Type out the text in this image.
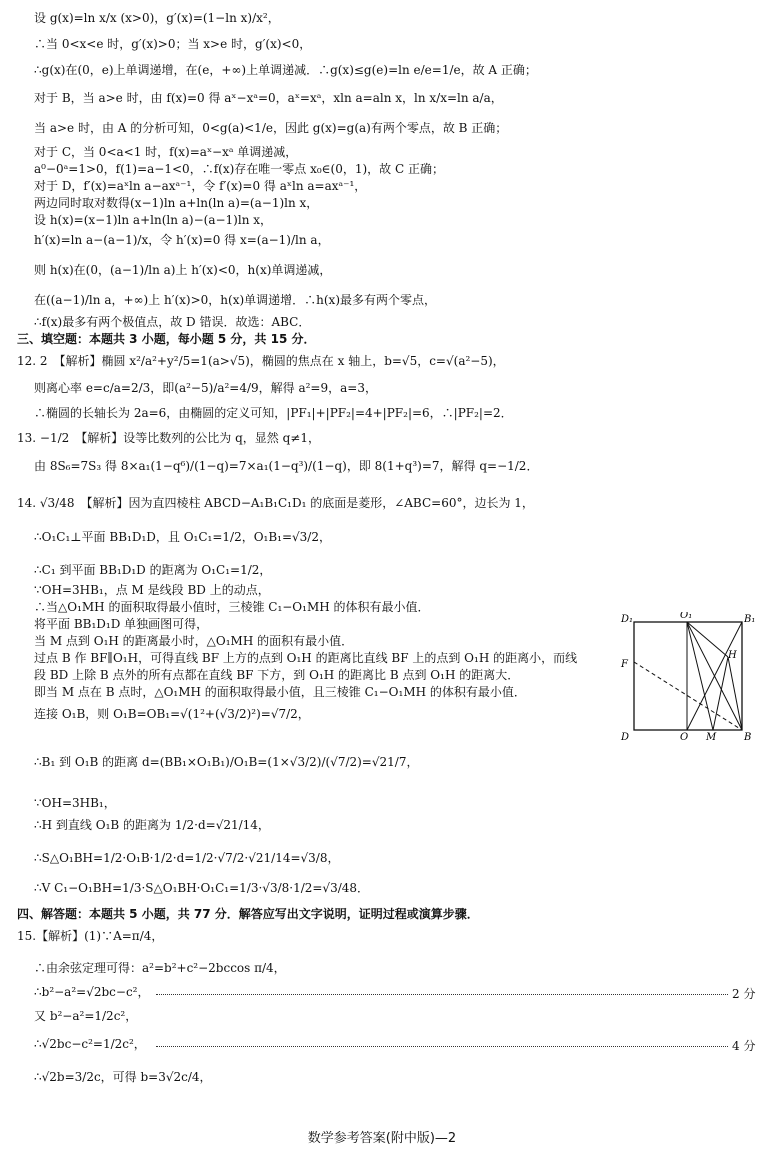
设 g(x)=ln x/x (x>0)，g′(x)=(1−ln x)/x²，
∴当 0<x<e 时，g′(x)>0；当 x>e 时，g′(x)<0，
∴g(x)在(0，e)上单调递增，在(e，+∞)上单调递减．∴g(x)≤g(e)=ln e/e=1/e，故 A 正确；
对于 B，当 a>e 时，由 f(x)=0 得 aˣ−xᵃ=0，aˣ=xᵃ，xln a=aln x，ln x/x=ln a/a，
当 a>e 时，由 A 的分析可知，0<g(a)<1/e，因此 g(x)=g(a)有两个零点，故 B 正确；
对于 C，当 0<a<1 时，f(x)=aˣ−xᵃ 单调递减，
a⁰−0ᵃ=1>0，f(1)=a−1<0，∴f(x)存在唯一零点 x₀∈(0，1)，故 C 正确；
对于 D，f′(x)=aˣln a−axᵃ⁻¹，令 f′(x)=0 得 aˣln a=axᵃ⁻¹，
两边同时取对数得(x−1)ln a+ln(ln a)=(a−1)ln x，
设 h(x)=(x−1)ln a+ln(ln a)−(a−1)ln x，
h′(x)=ln a−(a−1)/x，令 h′(x)=0 得 x=(a−1)/ln a，
则 h(x)在(0，(a−1)/ln a)上 h′(x)<0，h(x)单调递减，
在((a−1)/ln a，+∞)上 h′(x)>0，h(x)单调递增．∴h(x)最多有两个零点，
∴f(x)最多有两个极值点，故 D 错误．故选：ABC．
三、填空题：本题共 3 小题，每小题 5 分，共 15 分．
12. 2　【解析】椭圆 x²/a²+y²/5=1(a>√5)，椭圆的焦点在 x 轴上，b=√5，c=√(a²−5)，
则离心率 e=c/a=2/3，即(a²−5)/a²=4/9，解得 a²=9，a=3，
∴椭圆的长轴长为 2a=6，由椭圆的定义可知，|PF₁|+|PF₂|=4+|PF₂|=6，∴|PF₂|=2．
13. −1/2　【解析】设等比数列的公比为 q，显然 q≠1，
由 8S₆=7S₃ 得 8×a₁(1−q⁶)/(1−q)=7×a₁(1−q³)/(1−q)，即 8(1+q³)=7，解得 q=−1/2．
14. √3/48　【解析】因为直四棱柱 ABCD−A₁B₁C₁D₁ 的底面是菱形，∠ABC=60°，边长为 1，
∴O₁C₁⊥平面 BB₁D₁D，且 O₁C₁=1/2，O₁B₁=√3/2，
∴C₁ 到平面 BB₁D₁D 的距离为 O₁C₁=1/2，
∵OH=3HB₁，点 M 是线段 BD 上的动点，
∴当△O₁MH 的面积取得最小值时，三棱锥 C₁−O₁MH 的体积有最小值．
将平面 BB₁D₁D 单独画图可得，
当 M 点到 O₁H 的距离最小时，△O₁MH 的面积有最小值．
过点 B 作 BF∥O₁H，可得直线 BF 上方的点到 O₁H 的距离比直线 BF 上的点到 O₁H 的距离小，而线
段 BD 上除 B 点外的所有点都在直线 BF 下方，到 O₁H 的距离比 B 点到 O₁H 的距离大．
即当 M 点在 B 点时，△O₁MH 的面积取得最小值，且三棱锥 C₁−O₁MH 的体积有最小值．
连接 O₁B，则 O₁B=OB₁=√(1²+(√3/2)²)=√7/2，
∴B₁ 到 O₁B 的距离 d=(BB₁×O₁B₁)/O₁B=(1×√3/2)/(√7/2)=√21/7，
∵OH=3HB₁，
∴H 到直线 O₁B 的距离为 1/2·d=√21/14，
∴S△O₁BH=1/2·O₁B·1/2·d=1/2·√7/2·√21/14=√3/8，
∴V C₁−O₁BH=1/3·S△O₁BH·O₁C₁=1/3·√3/8·1/2=√3/48．
四、解答题：本题共 5 小题，共 77 分．解答应写出文字说明，证明过程或演算步骤．
15.【解析】(1)∵A=π/4，
∴由余弦定理可得：a²=b²+c²−2bccos π/4，
∴b²−a²=√2bc−c²，	2 分
又 b²−a²=1/2c²，
∴√2bc−c²=1/2c²，	4 分
∴√2b=3/2c，可得 b=3√2c/4，
D₁	O₁	B₁
F
H
D	O M	B
数学参考答案(附中版)—2
